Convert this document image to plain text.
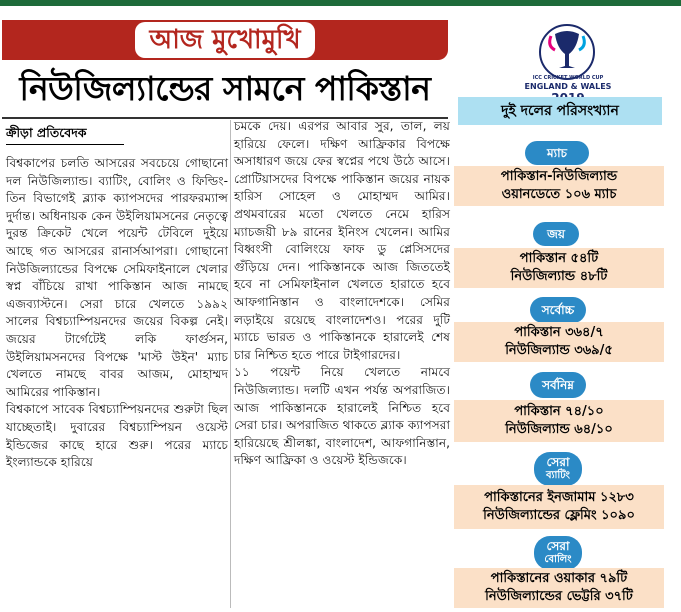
আজ মুখোমুখি
নিউজিল্যান্ডের সামনে পাকিস্তান
ক্রীড়া প্রতিবেদক

বিশ্বকাপের চলতি আসরের সবচেয়ে গোছানো দল নিউজিল্যান্ড। ব্যাটিং, বোলিং ও ফিল্ডিং-তিন বিভাগেই ব্ল্যাক ক্যাপসদের পারফরম্যান্স দুর্দান্ত। অধিনায়ক কেন উইলিয়ামসনের নেতৃত্বে দুরন্ত ক্রিকেট খেলে পয়েন্ট টেবিলে দুইয়ে আছে গত আসরের রানার্সআপরা। গোছানো নিউজিল্যান্ডের বিপক্ষে সেমিফাইনালে খেলার স্বপ্ন বাঁচিয়ে রাখা পাকিস্তান আজ নামছে এজব্যাস্টনে। সেরা চারে খেলতে ১৯৯২ সালের বিশ্বচ্যাম্পিয়নদের জয়ের বিকল্প নেই। জয়ের টার্গেটেই লকি ফার্গুসন, উইলিয়ামসনদের বিপক্ষে 'মাস্ট উইন' ম্যাচ খেলতে নামছে বাবর আজম, মোহাম্মদ আমিরের পাকিস্তান।

বিশ্বকাপে সাবেক বিশ্বচ্যাম্পিয়নদের শুরুটা ছিল যাচ্ছেতাই। দুবারের বিশ্বচ্যাম্পিয়ন ওয়েস্ট ইন্ডিজের কাছে হারে শুরু। পরের ম্যাচে ইংল্যান্ডকে হারিয়ে

চমকে দেয়। এরপর আবার সুর, তাল, লয় হারিয়ে ফেলে। দক্ষিণ আফ্রিকার বিপক্ষে অসাধারণ জয়ে ফের স্বপ্নের পথে উঠে আসে। প্রোটিয়াসদের বিপক্ষে পাকিস্তান জয়ের নায়ক হারিস সোহেল ও মোহাম্মদ আমির। প্রথমবারের মতো খেলতে নেমে হারিস ম্যাচজয়ী ৮৯ রানের ইনিংস খেলেন। আমির বিধ্বংসী বোলিংয়ে ফাফ ডু প্লেসিসদের গুঁড়িয়ে দেন। পাকিস্তানকে আজ জিততেই হবে না সেমিফাইনাল খেলতে হারাতে হবে আফগানিস্তান ও বাংলাদেশকে। সেমির লড়াইয়ে রয়েছে বাংলাদেশও। পরের দুটি ম্যাচে ভারত ও পাকিস্তানকে হারালেই শেষ চার নিশ্চিত হতে পারে টাইগারদের।

১১ পয়েন্ট নিয়ে খেলতে নামবে নিউজিল্যান্ড। দলটি এখন পর্যন্ত অপরাজিত। আজ পাকিস্তানকে হারালেই নিশ্চিত হবে সেরা চার। অপরাজিত থাকতে ব্ল্যাক ক্যাপসরা হারিয়েছে শ্রীলঙ্কা, বাংলাদেশ, আফগানিস্তান, দক্ষিণ আফ্রিকা ও ওয়েস্ট ইন্ডিজকে।

ICC CRICKET WORLD CUP
ENGLAND & WALES
দুই দলের পরিসংখ্যান
ম্যাচ
পাকিস্তান-নিউজিল্যান্ড
ওয়ানডেতে ১০৬ ম্যাচ
জয়
পাকিস্তান ৫৪টি
নিউজিল্যান্ড ৪৮টি
সর্বোচ্চ
পাকিস্তান ৩৬৪/৭
নিউজিল্যান্ড ৩৬৯/৫
সর্বনিম্ন
পাকিস্তান ৭৪/১০
নিউজিল্যান্ড ৬৪/১০
সেরা
ব্যাটিং
পাকিস্তানের ইনজামাম ১২৮৩
নিউজিল্যান্ডের ফ্লেমিং ১০৯০
সেরা
বোলিং
পাকিস্তানের ওয়াকার ৭৯টি
নিউজিল্যান্ডের ভেট্টরি ৩৭টি
